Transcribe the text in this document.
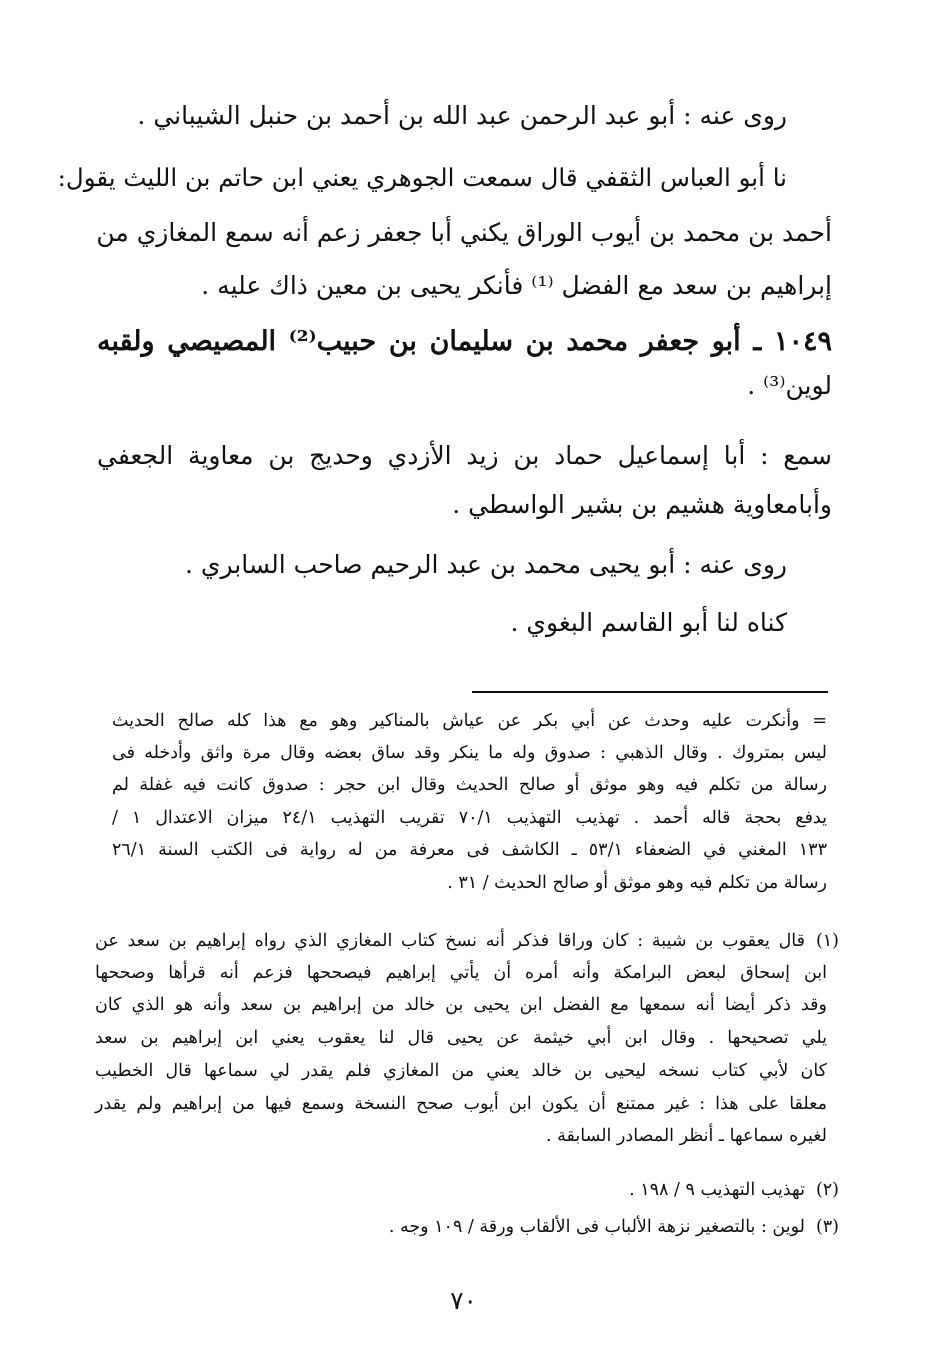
روى عنه : أبو عبد الرحمن عبد الله بن أحمد بن حنبل الشيباني .
نا أبو العباس الثقفي قال سمعت الجوهري يعني ابن حاتم بن الليث يقول:
أحمد بن محمد بن أيوب الوراق يكني أبا جعفر زعم أنه سمع المغازي من
إبراهيم بن سعد مع الفضل ⁽¹⁾ فأنكر يحيى بن معين ذاك عليه .
١٠٤٩ ـ أبو جعفر محمد بن سليمان بن حبيب⁽²⁾ المصيصي ولقبه
لوين⁽³⁾ .
سمع : أبا إسماعيل حماد بن زيد الأزدي وحديج بن معاوية الجعفي
وأبامعاوية هشيم بن بشير الواسطي .
روى عنه : أبو يحيى محمد بن عبد الرحيم صاحب السابري .
كناه لنا أبو القاسم البغوي .
= وأنكرت عليه وحدث عن أبي بكر عن عياش بالمناكير وهو مع هذا كله صالح الحديث
ليس بمتروك . وقال الذهبي : صدوق وله ما ينكر وقد ساق بعضه وقال مرة واثق وأدخله فى
رسالة من تكلم فيه وهو موثق أو صالح الحديث وقال ابن حجر : صدوق كانت فيه غفلة لم
يدفع بحجة قاله أحمد . تهذيب التهذيب ٧٠/١ تقريب التهذيب ٢٤/١ ميزان الاعتدال ١ /
١٣٣ المغني في الضعفاء ٥٣/١ ـ الكاشف فى معرفة من له رواية فى الكتب السنة ٢٦/١
رسالة من تكلم فيه وهو موثق أو صالح الحديث / ٣١ .
(١)
قال يعقوب بن شيبة : كان وراقا فذكر أنه نسخ كتاب المغازي الذي رواه إبراهيم بن سعد عن
ابن إسحاق لبعض البرامكة وأنه أمره أن يأتي إبراهيم فيصححها فزعم أنه قرأها وصححها
وقد ذكر أيضا أنه سمعها مع الفضل ابن يحيى بن خالد من إبراهيم بن سعد وأنه هو الذي كان
يلي تصحيحها . وقال ابن أبي خيثمة عن يحيى قال لنا يعقوب يعني ابن إبراهيم بن سعد
كان لأبي كتاب نسخه ليحيى بن خالد يعني من المغازي فلم يقدر لي سماعها قال الخطيب
معلقا على هذا : غير ممتنع أن يكون ابن أيوب صحح النسخة وسمع فيها من إبراهيم ولم يقدر
لغيره سماعها ـ أنظر المصادر السابقة .
(٢)
تهذيب التهذيب ٩ / ١٩٨ .
(٣)
لوين : بالتصغير نزهة الألباب فى الألقاب ورقة / ١٠٩ وجه .
٧٠
